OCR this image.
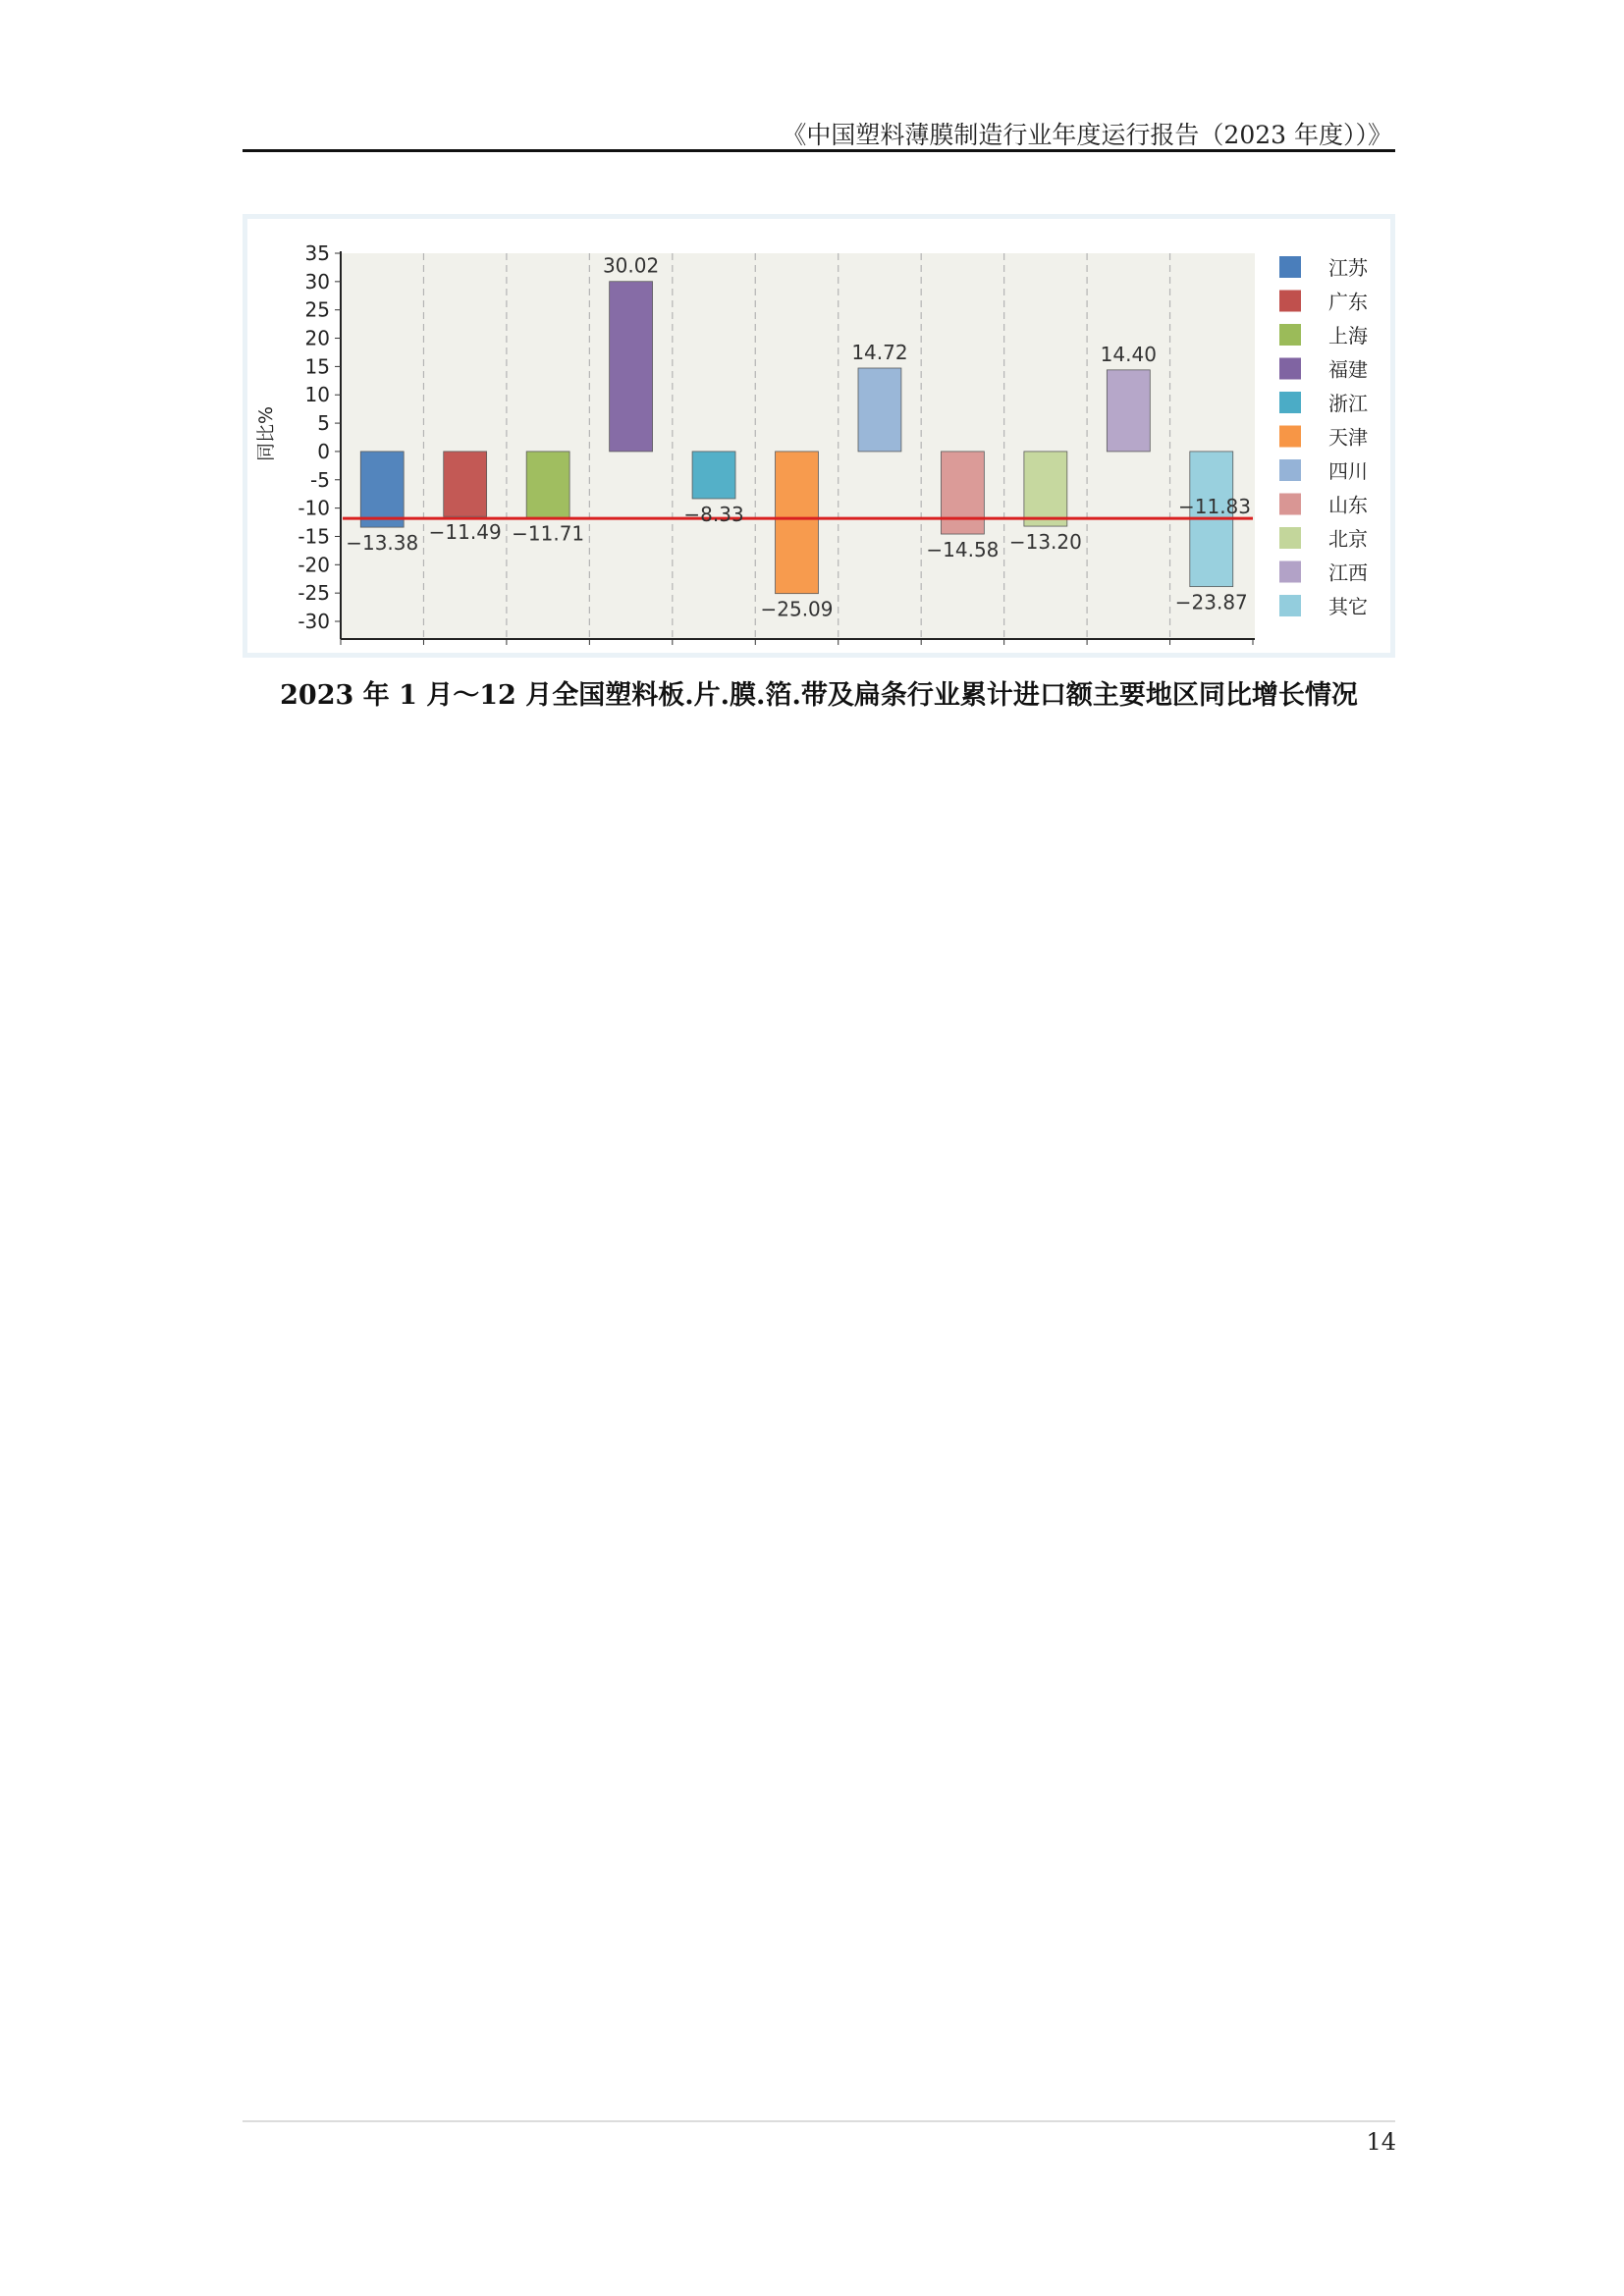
《中国塑料薄膜制造行业年度运行报告（2023 年度））》
35
30
25
20
15
10
5
0
-5
-10
-15
-20
-25
-30
−11.83
−13.38 −11.49 −11.71
30.02
−8.33
−25.09
14.72
−14.58 −13.20
14.40
−23.87
江苏
广东
上海
福建
浙江
天津
四川
山东
北京
江西
其它
同比%
2023 年 1 月～12 月全国塑料板.片.膜.箔.带及扁条行业累计进口额主要地区同比增长情况
14
